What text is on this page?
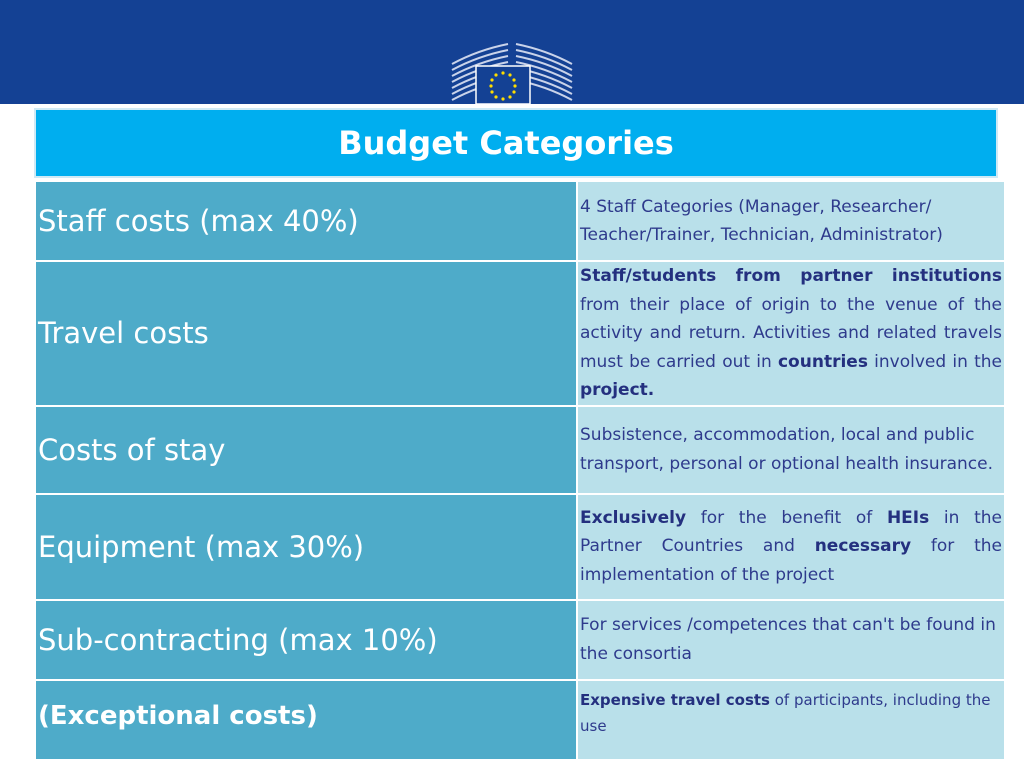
Budget Categories
Staff costs (max 40%)	4 Staff Categories (Manager, Researcher/ Teacher/Trainer, Technician, Administrator)
Travel costs	Staff/students from partner institutions from their place of origin to the venue of the activity and return. Activities and related travels must be carried out in countries involved in the project.
Costs of stay	Subsistence, accommodation, local and public transport, personal or optional health insurance.
Equipment (max 30%)	Exclusively for the benefit of HEIs in the Partner Countries and necessary for the implementation of the project
Sub-contracting (max 10%)	For services /competences that can't be found in the consortia
(Exceptional costs)	Expensive travel costs of participants, including the use
